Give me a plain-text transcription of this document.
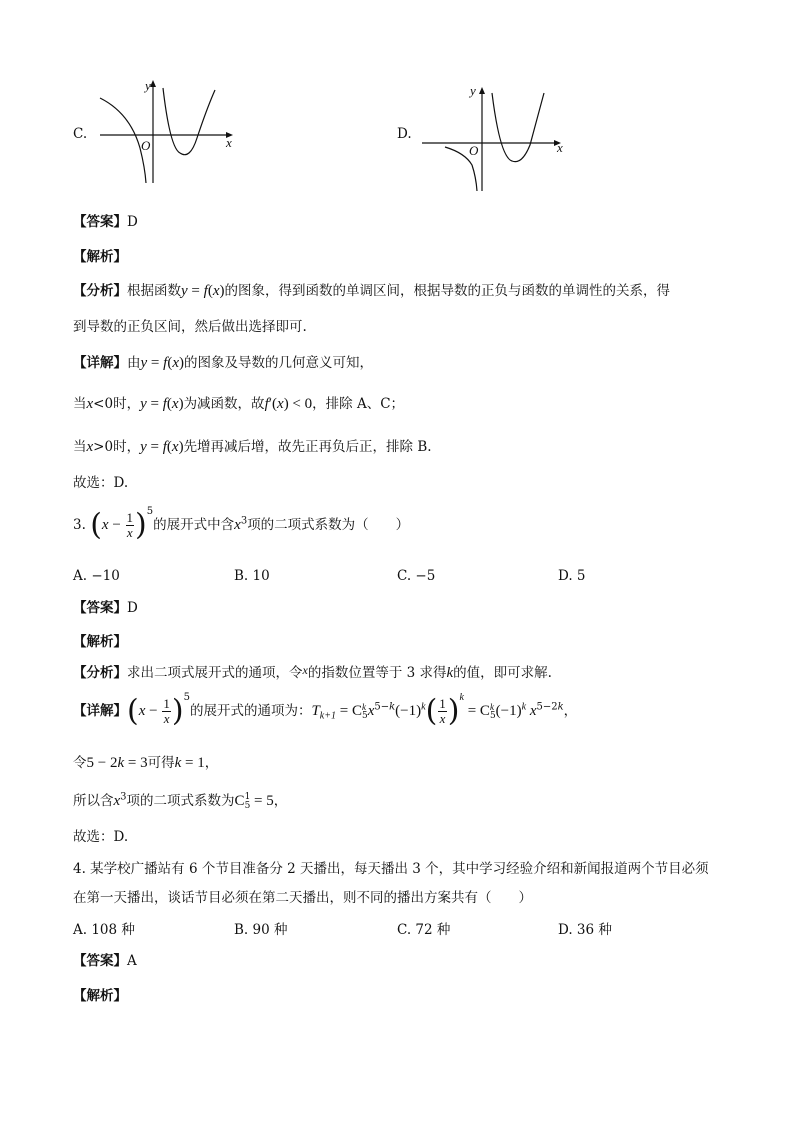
C.
y
x
O
D.
y
x
O
【答案】D
【解析】
【分析】根据函数y = f(x)的图象，得到函数的单调区间，根据导数的正负与函数的单调性的关系，得
到导数的正负区间，然后做出选择即可.
【详解】由y = f(x)的图象及导数的几何意义可知，
当x<0时，y = f(x)为减函数，故f′(x) < 0，排除 A、C；
当x>0时，y = f(x)先增再减后增，故先正再负后正，排除 B.
故选：D.
3. $(x - \frac{1}{x} )^5$的展开式中含$x^3$项的二项式系数为（　　）
A. −10	B. 10	C. −5	D. 5
【答案】D
【解析】
【分析】求出二项式展开式的通项，令x的指数位置等于 3 求得k的值，即可求解.
【详解】$(x - \frac{1}{x} )^5$的展开式的通项为：$T_{k+1} = C$ k
5 $x^{5-k}(-1)^k( \frac{1}{x} )^k = C$ k
5 $(-1)^k$ $x^{5-2k}$，
令5 − 2k = 3可得k = 1，
所以含$x^3$项的二项式系数为C 1
5 = 5，
故选：D.
4. 某学校广播站有 6 个节目准备分 2 天播出，每天播出 3 个，其中学习经验介绍和新闻报道两个节目必须
在第一天播出，谈话节目必须在第二天播出，则不同的播出方案共有（　　）
A. 108 种	B. 90 种	C. 72 种	D. 36 种
【答案】A
【解析】
